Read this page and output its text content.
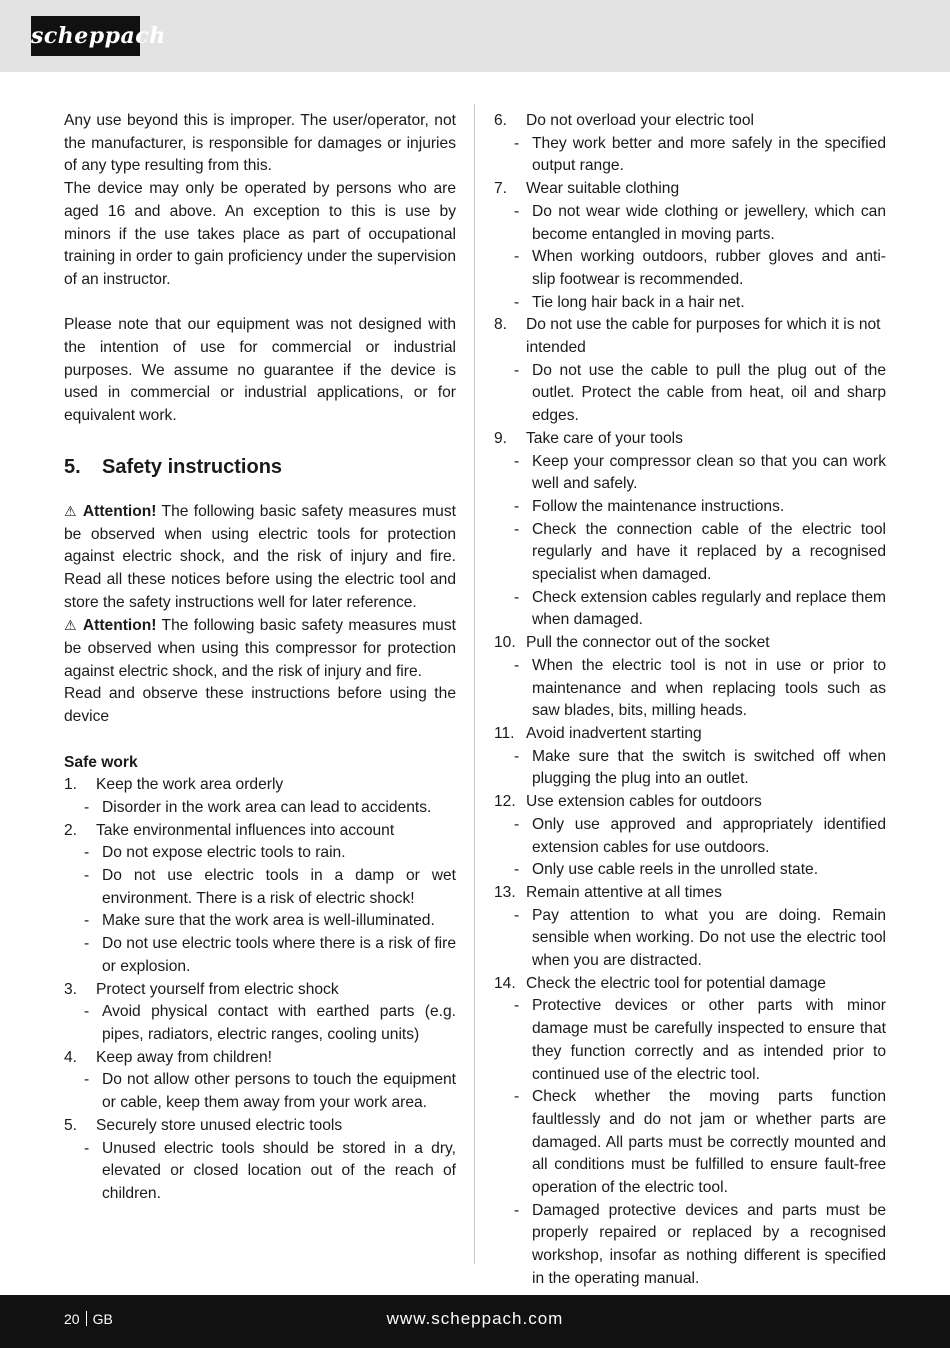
scheppach

Any use beyond this is improper. The user/operator, not the manufacturer, is responsible for damages or injuries of any type resulting from this.

The device may only be operated by persons who are aged 16 and above. An exception to this is use by minors if the use takes place as part of occupational training in order to gain proficiency under the supervision of an instructor.

Please note that our equipment was not designed with the intention of use for commercial or industrial purposes. We assume no guarantee if the device is used in commercial or industrial applications, or for equivalent work.

5.	Safety instructions

⚠ Attention! The following basic safety measures must be observed when using electric tools for protection against electric shock, and the risk of injury and fire. Read all these notices before using the electric tool and store the safety instructions well for later reference.

⚠ Attention! The following basic safety measures must be observed when using this compressor for protection against electric shock, and the risk of injury and fire.

Read and observe these instructions before using the device

Safe work

1.	Keep the work area orderly
- Disorder in the work area can lead to accidents.
2.	Take environmental influences into account
- Do not expose electric tools to rain.
- Do not use electric tools in a damp or wet environment. There is a risk of electric shock!
- Make sure that the work area is well-illuminated.
- Do not use electric tools where there is a risk of fire or explosion.
3.	Protect yourself from electric shock
- Avoid physical contact with earthed parts (e.g. pipes, radiators, electric ranges, cooling units)
4.	Keep away from children!
- Do not allow other persons to touch the equipment or cable, keep them away from your work area.
5.	Securely store unused electric tools
- Unused electric tools should be stored in a dry, elevated or closed location out of the reach of children.
6.	Do not overload your electric tool
- They work better and more safely in the specified output range.
7.	Wear suitable clothing
- Do not wear wide clothing or jewellery, which can become entangled in moving parts.
- When working outdoors, rubber gloves and anti-slip footwear is recommended.
- Tie long hair back in a hair net.
8.	Do not use the cable for purposes for which it is not intended
- Do not use the cable to pull the plug out of the outlet. Protect the cable from heat, oil and sharp edges.
9.	Take care of your tools
- Keep your compressor clean so that you can work well and safely.
- Follow the maintenance instructions.
- Check the connection cable of the electric tool regularly and have it replaced by a recognised specialist when damaged.
- Check extension cables regularly and replace them when damaged.
10. Pull the connector out of the socket
- When the electric tool is not in use or prior to maintenance and when replacing tools such as saw blades, bits, milling heads.
11. Avoid inadvertent starting
- Make sure that the switch is switched off when plugging the plug into an outlet.
12. Use extension cables for outdoors
- Only use approved and appropriately identified extension cables for use outdoors.
- Only use cable reels in the unrolled state.
13. Remain attentive at all times
- Pay attention to what you are doing. Remain sensible when working. Do not use the electric tool when you are distracted.
14. Check the electric tool for potential damage
- Protective devices or other parts with minor damage must be carefully inspected to ensure that they function correctly and as intended prior to continued use of the electric tool.
- Check whether the moving parts function faultlessly and do not jam or whether parts are damaged. All parts must be correctly mounted and all conditions must be fulfilled to ensure fault-free operation of the electric tool.
- Damaged protective devices and parts must be properly repaired or replaced by a recognised workshop, insofar as nothing different is specified in the operating manual.
20 GB	www.scheppach.com
